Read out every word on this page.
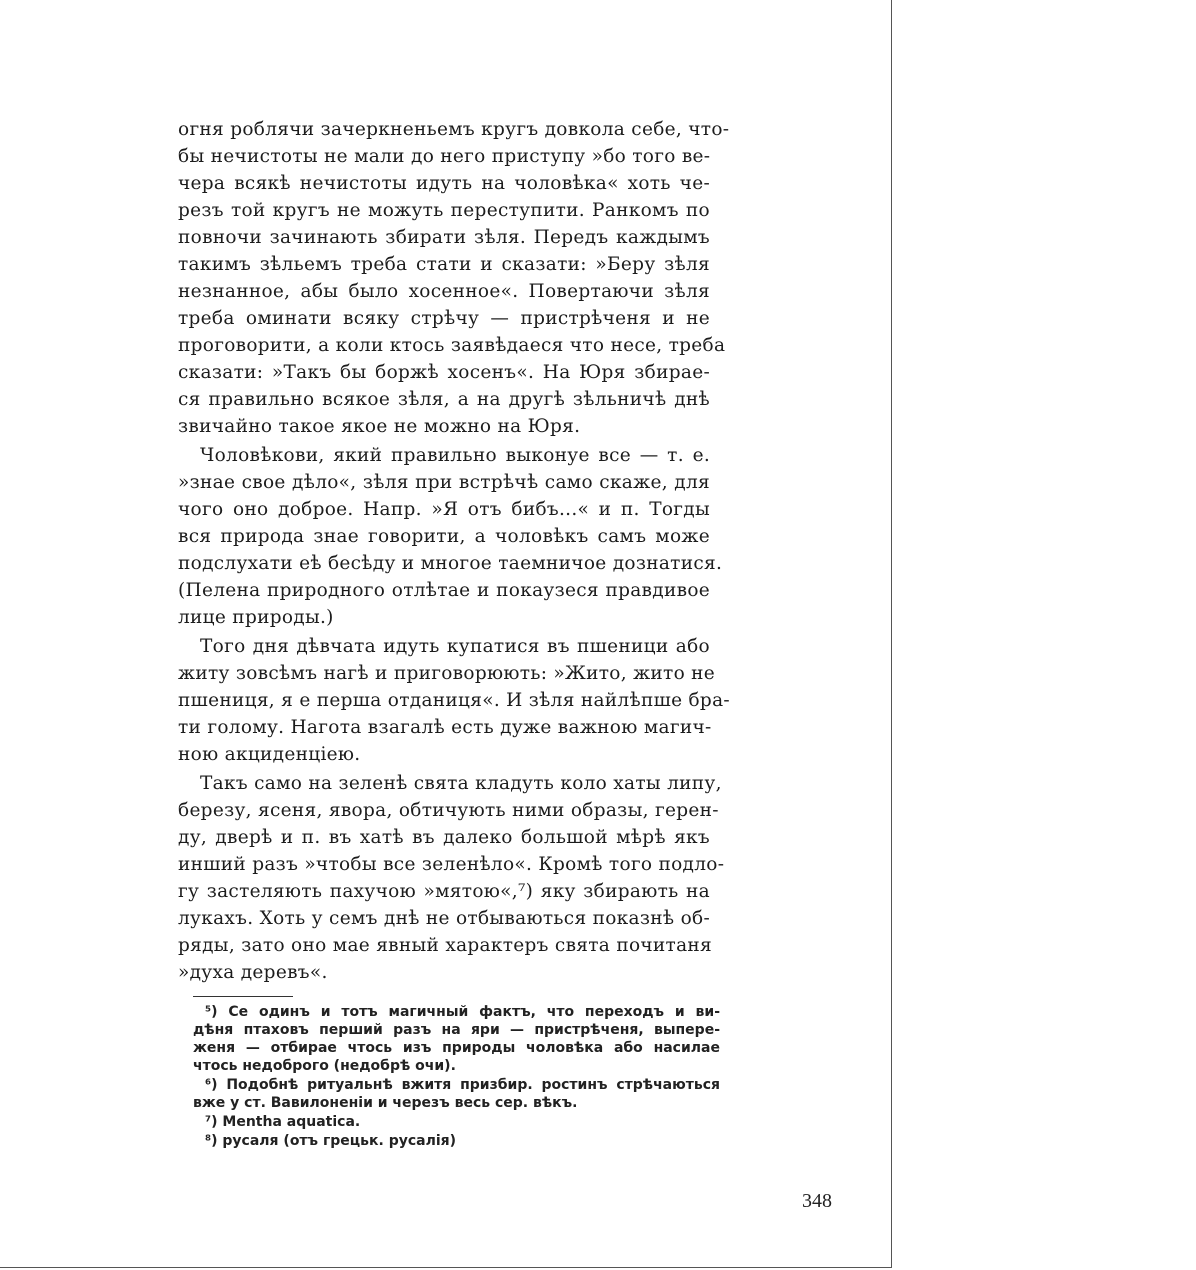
огня роблячи зачеркненьемъ кругъ довкола себе, что-
бы нечистоты не мали до него приступу »бо того ве-
чера всякѣ нечистоты идуть на чоловѣка« хоть че-
резъ той кругъ не можуть переступити. Ранкомъ по
повночи зачинають збирати зѣля. Передъ каждымъ
такимъ зѣльемъ треба стати и сказати: »Беру зѣля
незнанное, абы было хосенное«. Повертаючи зѣля
треба оминати всяку стрѣчу — пристрѣченя и не
проговорити, а коли ктось заявѣдаеся что несе, треба
сказати: »Такъ бы боржѣ хосенъ«. На Юря збирае-
ся правильно всякое зѣля, а на другѣ зѣльничѣ днѣ
звичайно такое якое не можно на Юря.
Чоловѣкови, який правильно выконуе все — т. е.
»знае свое дѣло«, зѣля при встрѣчѣ само скаже, для
чого оно доброе. Напр. »Я отъ бибъ...« и п. Тогды
вся природа знае говорити, а чоловѣкъ самъ може
подслухати еѣ бесѣду и многое таемничое дознатися.
(Пелена природного отлѣтае и покаузеся правдивое
лице природы.)
Того дня дѣвчата идуть купатися въ пшеници або
житу зовсѣмъ нагѣ и приговорюють: »Жито, жито не
пшениця, я е перша отданиця«. И зѣля найлѣпше бра-
ти голому. Нагота взагалѣ есть дуже важною магич-
ною акциденцiею.
Такъ само на зеленѣ свята кладуть коло хаты липу,
березу, ясеня, явора, обтичують ними образы, герен-
ду, дверѣ и п. въ хатѣ въ далеко большой мѣрѣ якъ
инший разъ »чтобы все зеленѣло«. Кромѣ того подло-
гу застеляють пахучою »мятою«,⁷) яку збирають на
лукахъ. Хоть у семъ днѣ не отбываються показнѣ об-
ряды, зато оно мае явный характеръ свята почитаня
»духа деревъ«.
⁵) Се одинъ и тотъ магичный фактъ, что переходъ и ви-
дѣня птаховъ перший разъ на яри — пристрѣченя, выпере-
женя — отбирае чтось изъ природы чоловѣка або насилае
чтось недоброго (недобрѣ очи).
⁶) Подобнѣ ритуальнѣ вжитя призбир. ростинъ стрѣчаються
вже у ст. Вавилоненiи и черезъ весь сер. вѣкъ.
⁷) Mentha aquatica.
⁸) русаля (отъ грецьк. русалiя)
348
